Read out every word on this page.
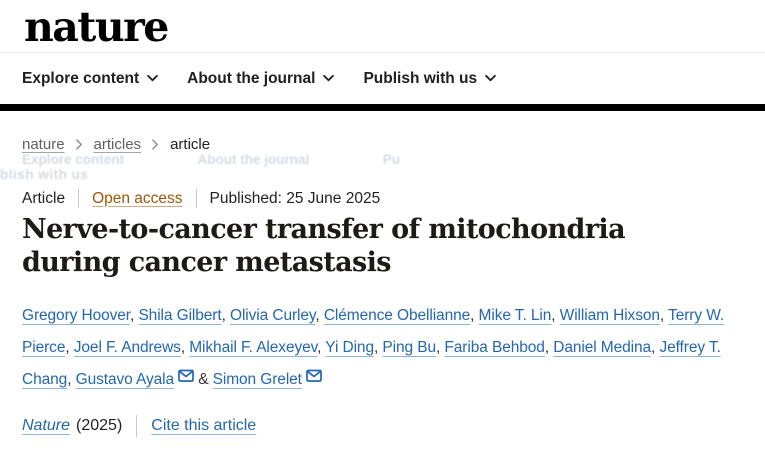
nature
Explore content	About the journal	Publish with us
nature articles article
Explore content	About the journal	Pu
blish with us
Article Open access Published: 25 June 2025
Nerve-to-cancer transfer of mitochondria during cancer metastasis

Gregory Hoover, Shila Gilbert, Olivia Curley, Clémence Obellianne, Mike T. Lin, William Hixson, Terry W. Pierce, Joel F. Andrews, Mikhail F. Alexeyev, Yi Ding, Ping Bu, Fariba Behbod, Daniel Medina, Jeffrey T. Chang, Gustavo Ayala & Simon Grelet

Nature (2025) Cite this article
